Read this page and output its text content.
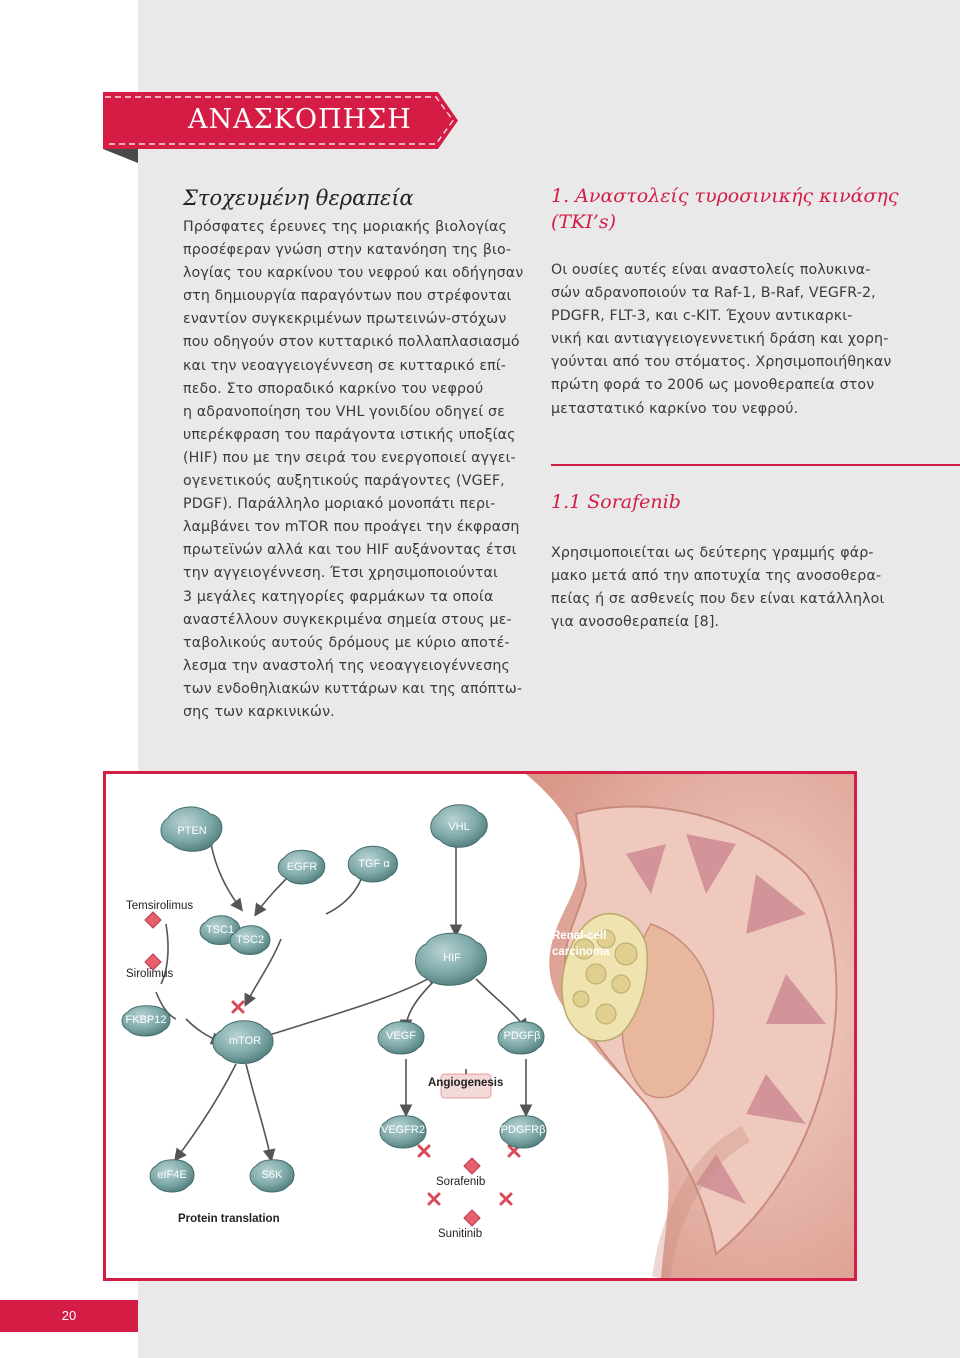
ΑΝΑΣΚΟΠΗΣΗ
Στοχευμένη θεραπεία
Πρόσφατες έρευνες της μοριακής βιολογίας
προσέφεραν γνώση στην κατανόηση της βιο-
λογίας του καρκίνου του νεφρού και οδήγησαν
στη δημιουργία παραγόντων που στρέφονται
εναντίον συγκεκριμένων πρωτεινών-στόχων
που οδηγούν στον κυτταρικό πολλαπλασιασμό
και την νεοαγγειογένvεση σε κυτταρικό επί-
πεδο. Στο σποραδικό καρκίνο του νεφρού
η αδρανοποίηση του VHL γονιδίου οδηγεί σε
υπερέκφραση του παράγοντα ιστικής υποξίας
(HIF) που με την σειρά του ενεργοποιεί αγγει-
ογενετικούς αυξητικούς παράγοντες (VGEF,
PDGF). Παράλληλο μοριακό μονοπάτι περι-
λαμβάνει τον mTOR που προάγει την έκφραση
πρωτεϊνών αλλά και του HIF αυξάνοντας έτσι
την αγγειογένvεση. Έτσι χρησιμοποιούνται
3 μεγάλες κατηγορίες φαρμάκων τα οποία
αναστέλλουν συγκεκριμένα σημεία στους με-
ταβολικούς αυτούς δρόμους με κύριο αποτέ-
λεσμα την αναστολή της νεοαγγειογένvεσης
των ενδοθηλιακών κυττάρων και της απόπτω-
σης των καρκινικών.
1. Αναστολείς τυροσινικής κινάσης
(TKI’s)
Οι ουσίες αυτές είναι αναστολείς πολυκινα-
σών αδρανοποιούν τα Raf-1, B-Raf, VEGFR-2,
PDGFR, FLT-3, και c-KIT. Έχουν αντικαρκι-
νική και αντιαγγειογεννετική δράση και χορη-
γούνται από του στόματος. Χρησιμοποιήθηκαν
πρώτη φορά το 2006 ως μονοθεραπεία στον
μεταστατικό καρκίνο του νεφρού.
1.1 Sorafenib
Χρησιμοποιείται ως δεύτερης γραμμής φάρ-
μακο μετά από την αποτυχία της ανοσοθερα-
πείας ή σε ασθενείς που δεν είναι κατάλληλοι
για ανοσοθεραπεία [8].
PTEN	VHL
EGFR	TGF α
TSC1
TSC2
HIF
FKBP12
mTOR	VEGF	PDGFβ
VEGFR2	PDGFRβ
eIF4E	S6K
Temsirolimus
Sirolimus
Angiogenesis
Protein translation
Sorafenib
Sunitinib
Renal-cell
carcinoma
20
